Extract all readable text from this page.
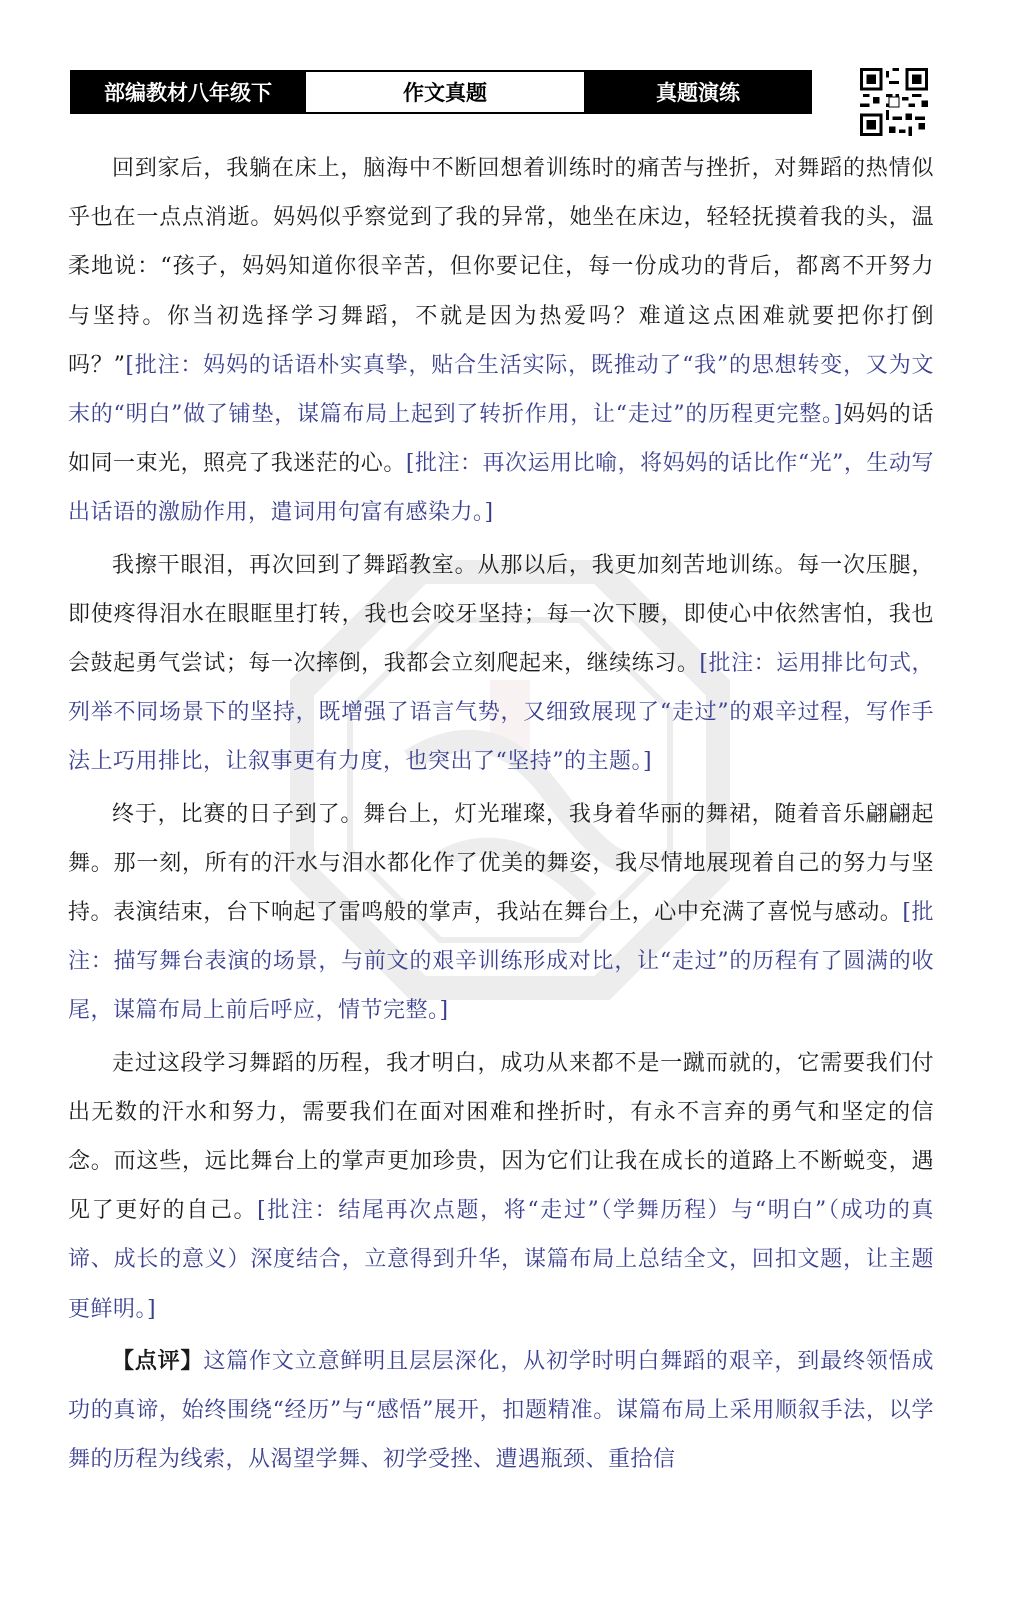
部编教材八年级下	作文真题	真题演练

回到家后，我躺在床上，脑海中不断回想着训练时的痛苦与挫折，对舞蹈的热情似乎也在一点点消逝。妈妈似乎察觉到了我的异常，她坐在床边，轻轻抚摸着我的头，温柔地说：“孩子，妈妈知道你很辛苦，但你要记住，每一份成功的背后，都离不开努力与坚持。你当初选择学习舞蹈，不就是因为热爱吗？难道这点困难就要把你打倒吗？”[批注：妈妈的话语朴实真挚，贴合生活实际，既推动了“我”的思想转变，又为文末的“明白”做了铺垫，谋篇布局上起到了转折作用，让“走过”的历程更完整。]妈妈的话如同一束光，照亮了我迷茫的心。[批注：再次运用比喻，将妈妈的话比作“光”，生动写出话语的激励作用，遣词用句富有感染力。]

我擦干眼泪，再次回到了舞蹈教室。从那以后，我更加刻苦地训练。每一次压腿，即使疼得泪水在眼眶里打转，我也会咬牙坚持；每一次下腰，即使心中依然害怕，我也会鼓起勇气尝试；每一次摔倒，我都会立刻爬起来，继续练习。[批注：运用排比句式，列举不同场景下的坚持，既增强了语言气势，又细致展现了“走过”的艰辛过程，写作手法上巧用排比，让叙事更有力度，也突出了“坚持”的主题。]

终于，比赛的日子到了。舞台上，灯光璀璨，我身着华丽的舞裙，随着音乐翩翩起舞。那一刻，所有的汗水与泪水都化作了优美的舞姿，我尽情地展现着自己的努力与坚持。表演结束，台下响起了雷鸣般的掌声，我站在舞台上，心中充满了喜悦与感动。[批注：描写舞台表演的场景，与前文的艰辛训练形成对比，让“走过”的历程有了圆满的收尾，谋篇布局上前后呼应，情节完整。]

走过这段学习舞蹈的历程，我才明白，成功从来都不是一蹴而就的，它需要我们付出无数的汗水和努力，需要我们在面对困难和挫折时，有永不言弃的勇气和坚定的信念。而这些，远比舞台上的掌声更加珍贵，因为它们让我在成长的道路上不断蜕变，遇见了更好的自己。[批注：结尾再次点题，将“走过”（学舞历程）与“明白”（成功的真谛、成长的意义）深度结合，立意得到升华，谋篇布局上总结全文，回扣文题，让主题更鲜明。]

【点评】这篇作文立意鲜明且层层深化，从初学时明白舞蹈的艰辛，到最终领悟成功的真谛，始终围绕“经历”与“感悟”展开，扣题精准。谋篇布局上采用顺叙手法，以学舞的历程为线索，从渴望学舞、初学受挫、遭遇瓶颈、重拾信
